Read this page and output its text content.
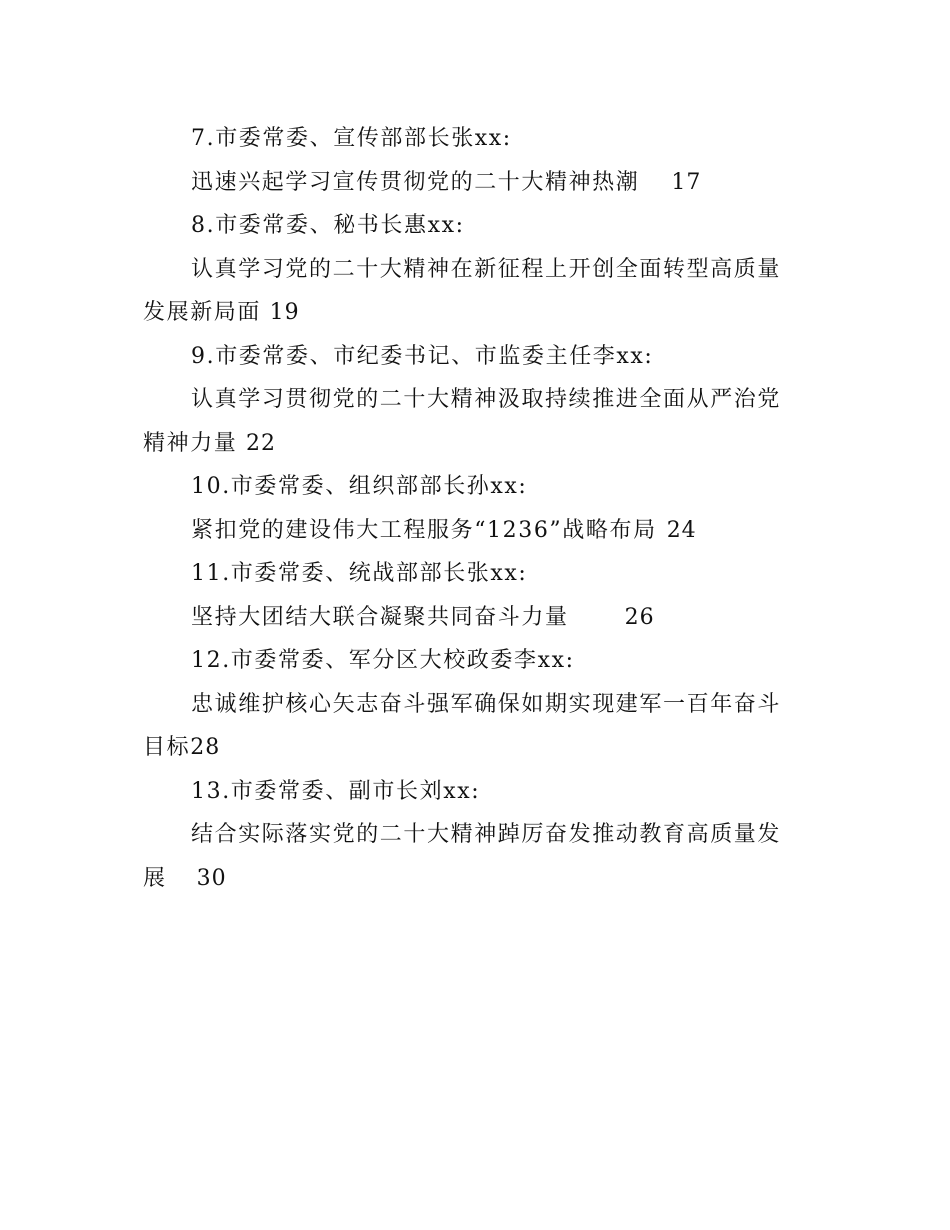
7.市委常委、宣传部部长张xx:

迅速兴起学习宣传贯彻党的二十大精神热潮 17

8.市委常委、秘书长惠xx:

认真学习党的二十大精神在新征程上开创全面转型高质量

发展新局面 19

9.市委常委、市纪委书记、市监委主任李xx:

认真学习贯彻党的二十大精神汲取持续推进全面从严治党

精神力量 22

10.市委常委、组织部部长孙xx:

紧扣党的建设伟大工程服务“1236”战略布局 24

11.市委常委、统战部部长张xx:

坚持大团结大联合凝聚共同奋斗力量	26

12.市委常委、军分区大校政委李xx:

忠诚维护核心矢志奋斗强军确保如期实现建军一百年奋斗

目标28

13.市委常委、副市长刘xx:

结合实际落实党的二十大精神踔厉奋发推动教育高质量发

展 30
